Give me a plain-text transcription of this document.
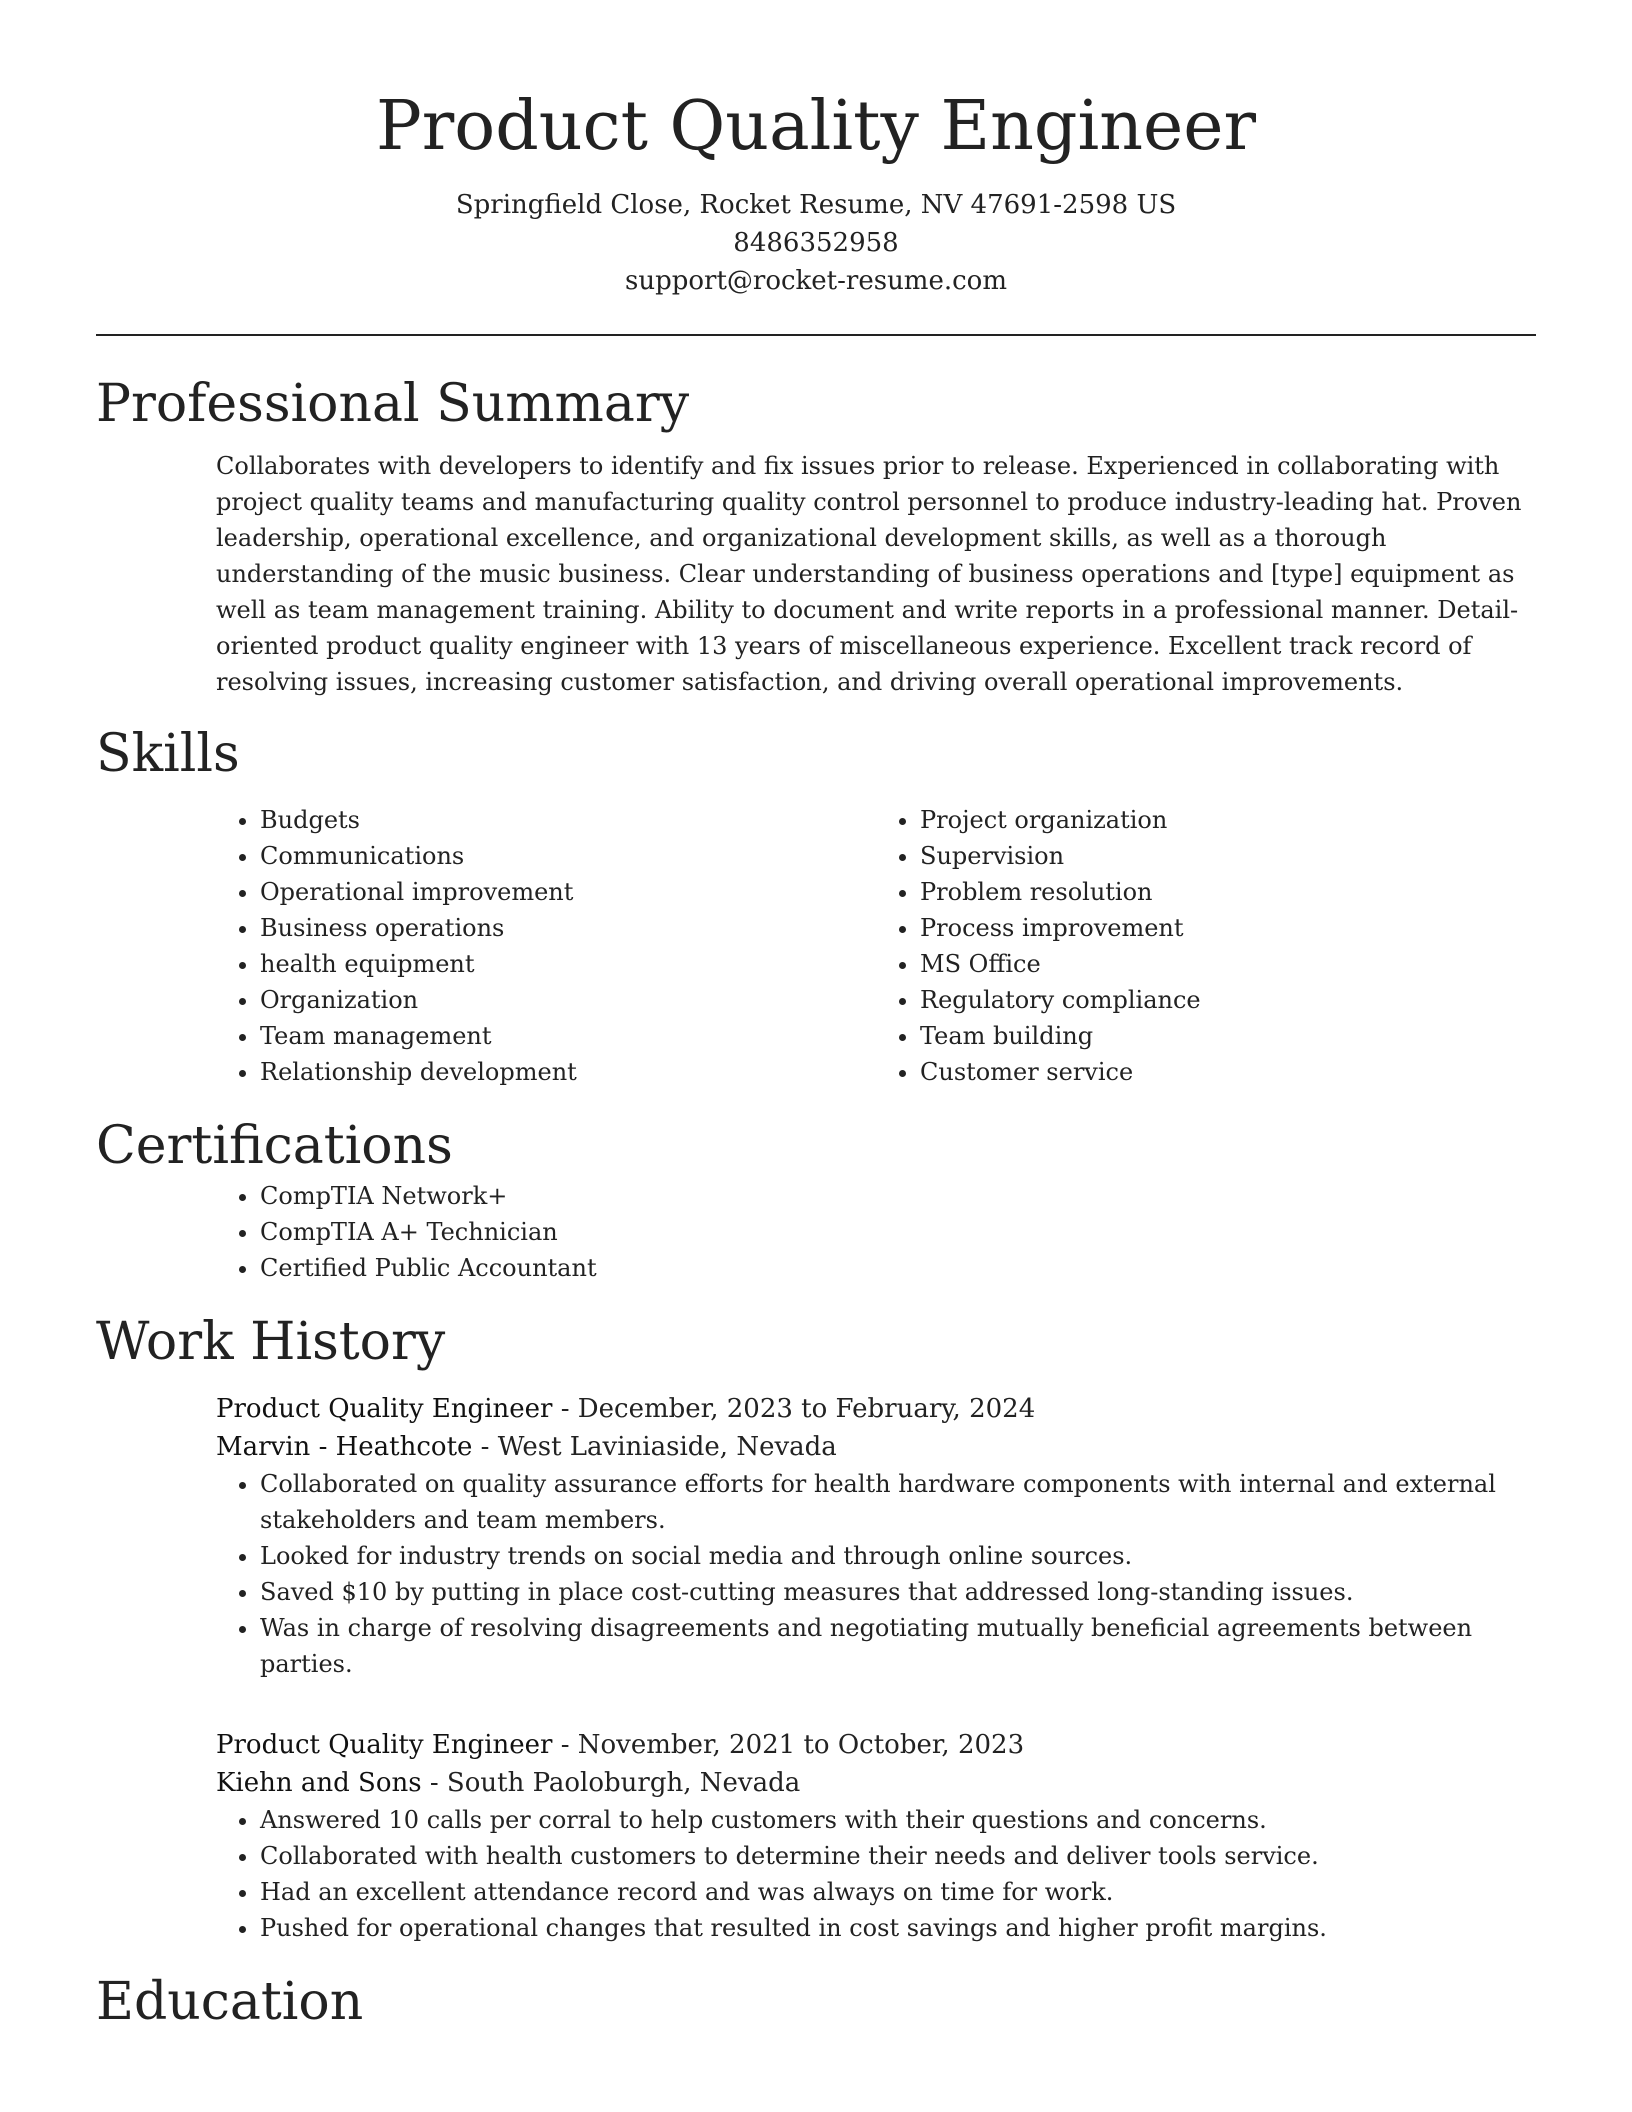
Product Quality Engineer
Springfield Close, Rocket Resume, NV 47691-2598 US
8486352958
support@rocket-resume.com
Professional Summary

Collaborates with developers to identify and fix issues prior to release. Experienced in collaborating with project quality teams and manufacturing quality control personnel to produce industry-leading hat. Proven leadership, operational excellence, and organizational development skills, as well as a thorough understanding of the music business. Clear understanding of business operations and [type] equipment as well as team management training. Ability to document and write reports in a professional manner. Detail-oriented product quality engineer with 13 years of miscellaneous experience. Excellent track record of resolving issues, increasing customer satisfaction, and driving overall operational improvements.

Skills
• Budgets
• Communications
• Operational improvement
• Business operations
• health equipment
• Organization
• Team management
• Relationship development
• Project organization
• Supervision
• Problem resolution
• Process improvement
• MS Office
• Regulatory compliance
• Team building
• Customer service
Certifications
• CompTIA Network+
• CompTIA A+ Technician
• Certified Public Accountant
Work History
Product Quality Engineer - December, 2023 to February, 2024
Marvin - Heathcote - West Laviniaside, Nevada
• Collaborated on quality assurance efforts for health hardware components with internal and external stakeholders and team members.
• Looked for industry trends on social media and through online sources.
• Saved $10 by putting in place cost-cutting measures that addressed long-standing issues.
• Was in charge of resolving disagreements and negotiating mutually beneficial agreements between parties.
Product Quality Engineer - November, 2021 to October, 2023
Kiehn and Sons - South Paoloburgh, Nevada
• Answered 10 calls per corral to help customers with their questions and concerns.
• Collaborated with health customers to determine their needs and deliver tools service.
• Had an excellent attendance record and was always on time for work.
• Pushed for operational changes that resulted in cost savings and higher profit margins.
Education
